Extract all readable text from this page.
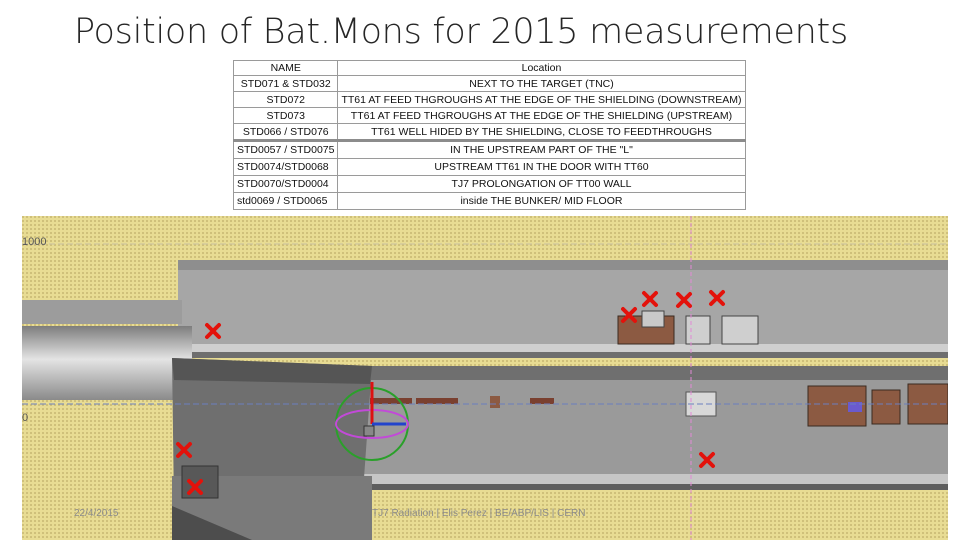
Position of Bat.Mons for 2015 measurements
NAME	Location
STD071 & STD032	NEXT TO THE TARGET (TNC)
STD072	TT61 AT FEED THGROUGHS AT THE EDGE OF THE SHIELDING (DOWNSTREAM)
STD073	TT61 AT FEED THGROUGHS AT THE EDGE OF THE SHIELDING (UPSTREAM)
STD066 / STD076	TT61 WELL HIDED BY THE SHIELDING, CLOSE TO FEEDTHROUGHS
STD0057 / STD0075	IN THE UPSTREAM PART OF THE "L"
STD0074/STD0068	UPSTREAM TT61 IN THE DOOR WITH TT60
STD0070/STD0004	TJ7 PROLONGATION OF TT00 WALL
std0069 / STD0065	inside THE BUNKER/ MID FLOOR
1000
0
22/4/2015	TJ7 Radiation | Elis Perez | BE/ABP/LIS | CERN
